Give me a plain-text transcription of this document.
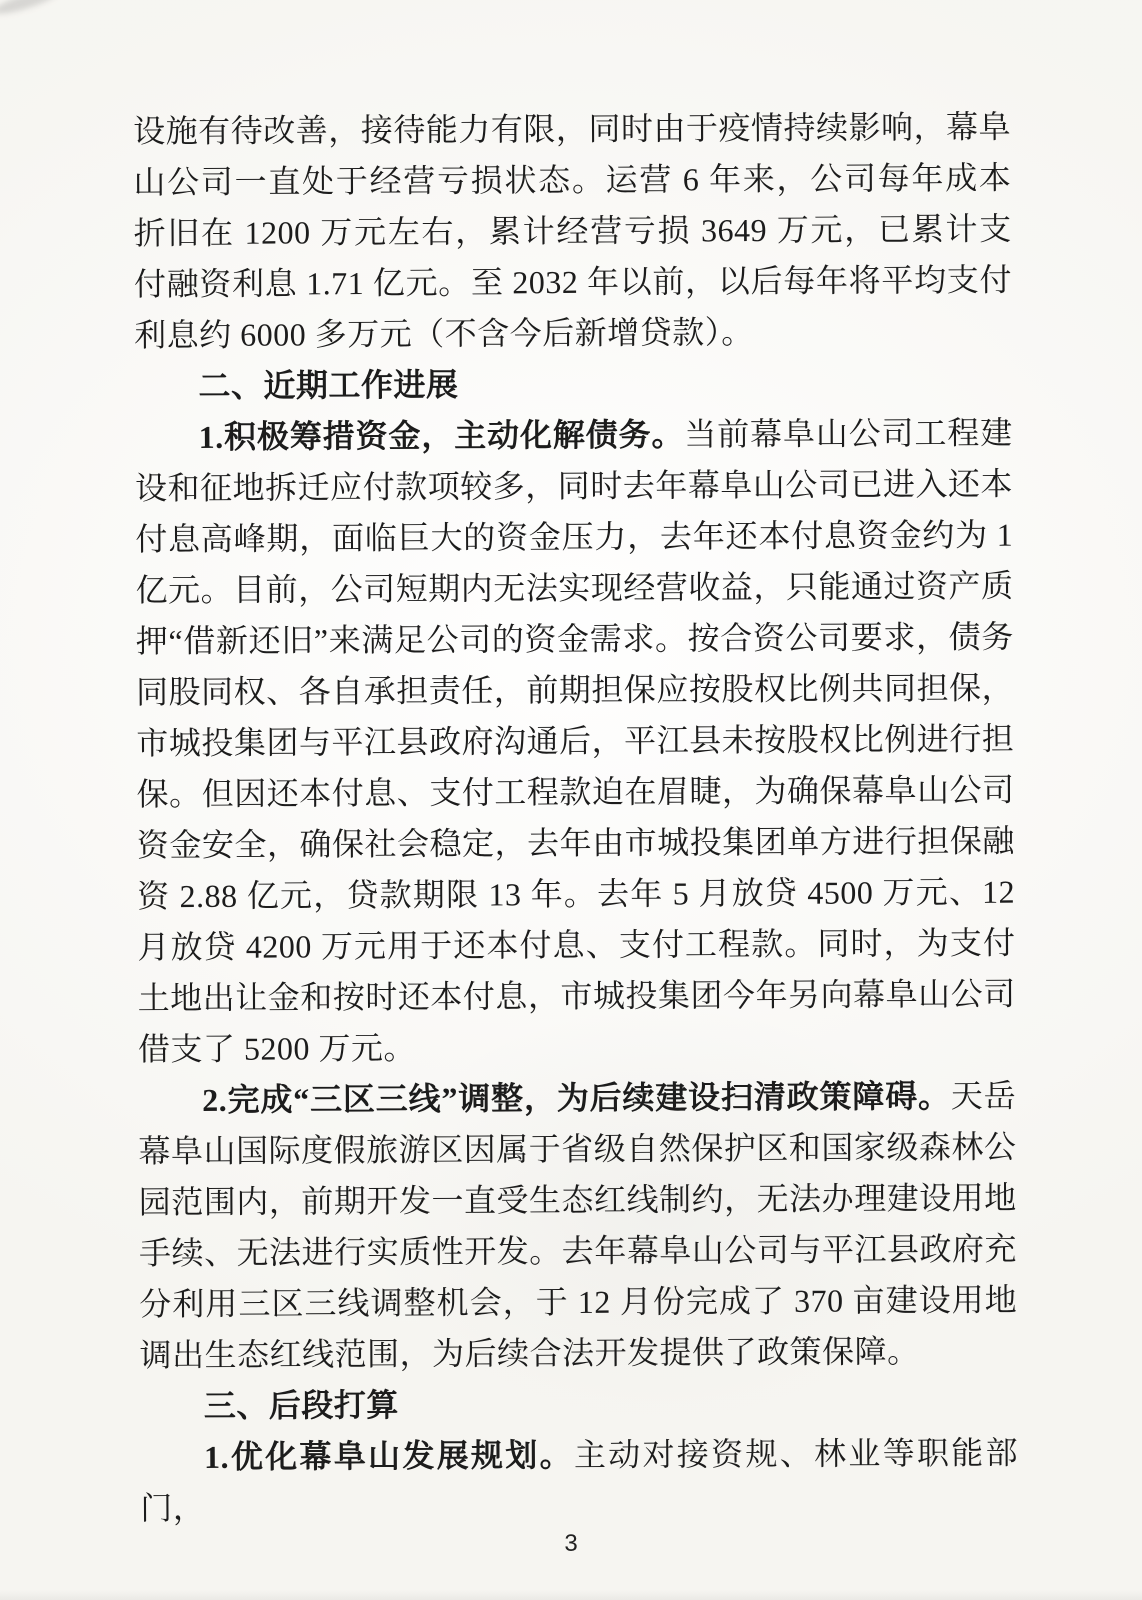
设施有待改善，接待能力有限，同时由于疫情持续影响，幕阜山公司一直处于经营亏损状态。运营 6 年来，公司每年成本折旧在 1200 万元左右，累计经营亏损 3649 万元，已累计支付融资利息 1.71 亿元。至 2032 年以前，以后每年将平均支付利息约 6000 多万元（不含今后新增贷款）。

二、近期工作进展

1.积极筹措资金，主动化解债务。当前幕阜山公司工程建设和征地拆迁应付款项较多，同时去年幕阜山公司已进入还本付息高峰期，面临巨大的资金压力，去年还本付息资金约为 1 亿元。目前，公司短期内无法实现经营收益，只能通过资产质押“借新还旧”来满足公司的资金需求。按合资公司要求，债务同股同权、各自承担责任，前期担保应按股权比例共同担保，市城投集团与平江县政府沟通后，平江县未按股权比例进行担保。但因还本付息、支付工程款迫在眉睫，为确保幕阜山公司资金安全，确保社会稳定，去年由市城投集团单方进行担保融资 2.88 亿元，贷款期限 13 年。去年 5 月放贷 4500 万元、12 月放贷 4200 万元用于还本付息、支付工程款。同时，为支付土地出让金和按时还本付息，市城投集团今年另向幕阜山公司借支了 5200 万元。

2.完成“三区三线”调整，为后续建设扫清政策障碍。天岳幕阜山国际度假旅游区因属于省级自然保护区和国家级森林公园范围内，前期开发一直受生态红线制约，无法办理建设用地手续、无法进行实质性开发。去年幕阜山公司与平江县政府充分利用三区三线调整机会，于 12 月份完成了 370 亩建设用地调出生态红线范围，为后续合法开发提供了政策保障。

三、后段打算

1.优化幕阜山发展规划。主动对接资规、林业等职能部门，

3
